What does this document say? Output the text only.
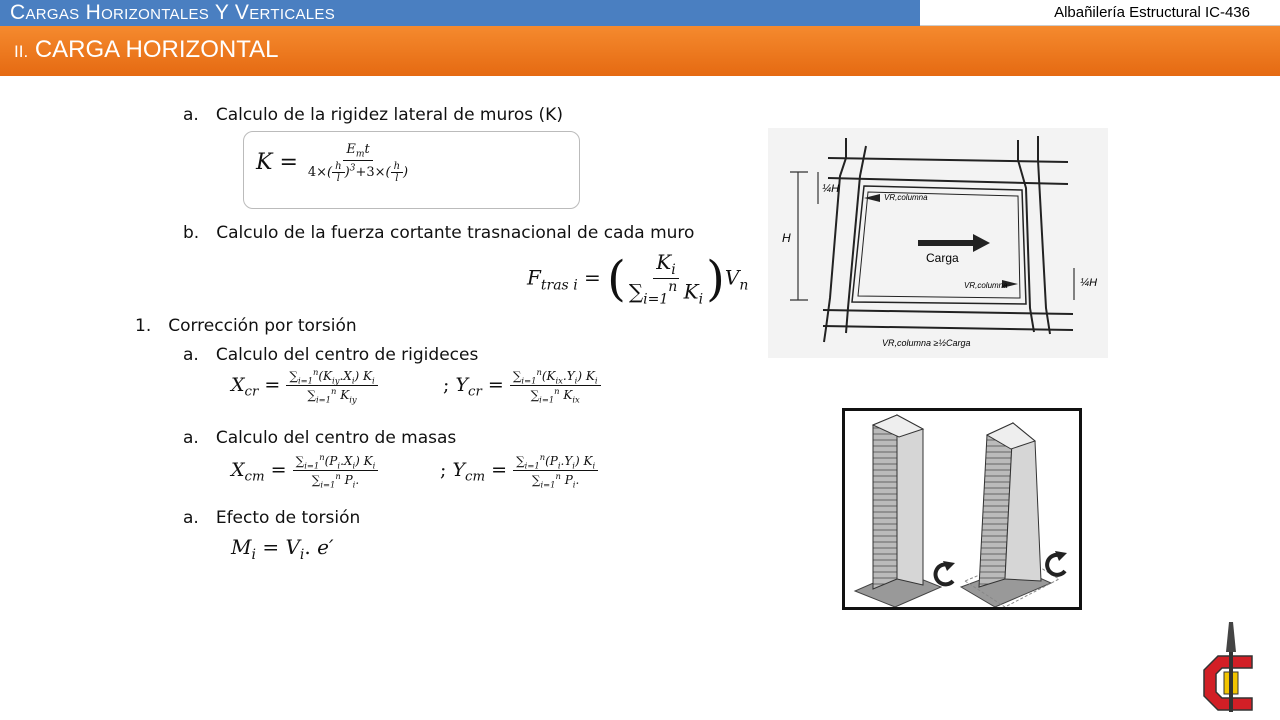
Cargas Horizontales Y Verticales	Albañilería Estructural IC-436
II. CARGA HORIZONTAL
a. Calculo de la rigidez lateral de muros (K)
$K = \frac{E_mt}{4\times( \frac{h}{l} )^3+3\times( \frac{h}{l} )}$
b. Calculo de la fuerza cortante trasnacional de cada muro
$F_{tras i}$ = ( $\frac{K_i}{\sum_{i=1}^n K_i} )V_n$
1. Corrección por torsión
a. Calculo del centro de rigideces
$X_{cr} = \frac{\sum_{i=1}^n(K_{iy}.X_i) K_i}{\sum_{i=1}^n K_{iy}}$	; $Y_{cr} = \frac{\sum_{i=1}^n(K_{ix}.Y_i) K_i}{\sum_{i=1}^n K_{ix}}$
a. Calculo del centro de masas
$X_{cm} = \frac{\sum_{i=1}^n(P_i.X_i) K_i}{\sum_{i=1}^n P_i.}$	; $Y_{cm} = \frac{\sum_{i=1}^n(P_i.Y_i) K_i}{\sum_{i=1}^n P_i.}$
a. Efecto de torsión
$M_i = V_i$. e′
H
¼H
¼H
Carga
VR,columna
VR,columna
VR,columna ≥½Carga
